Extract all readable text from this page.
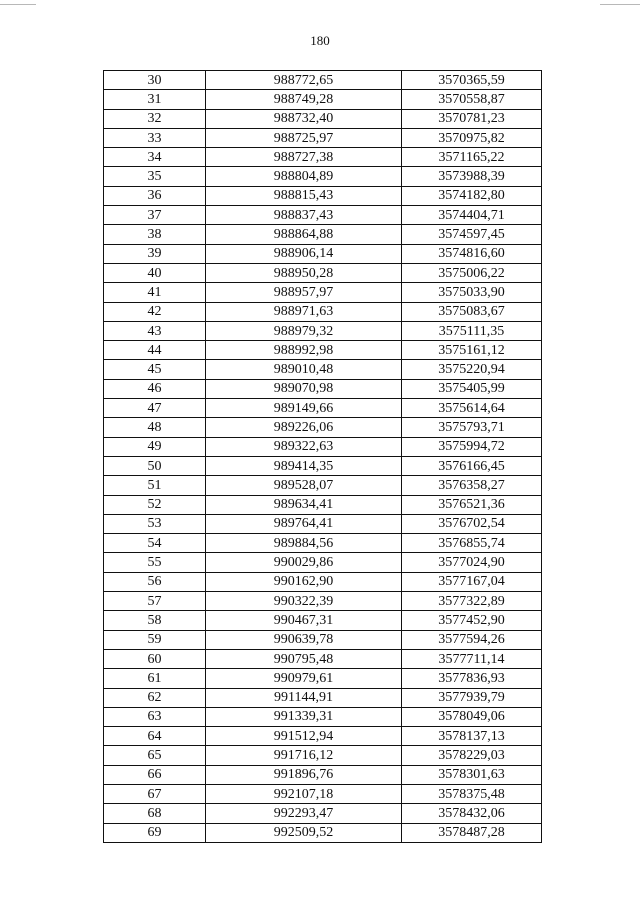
180
30	988772,65	3570365,59
31	988749,28	3570558,87
32	988732,40	3570781,23
33	988725,97	3570975,82
34	988727,38	3571165,22
35	988804,89	3573988,39
36	988815,43	3574182,80
37	988837,43	3574404,71
38	988864,88	3574597,45
39	988906,14	3574816,60
40	988950,28	3575006,22
41	988957,97	3575033,90
42	988971,63	3575083,67
43	988979,32	3575111,35
44	988992,98	3575161,12
45	989010,48	3575220,94
46	989070,98	3575405,99
47	989149,66	3575614,64
48	989226,06	3575793,71
49	989322,63	3575994,72
50	989414,35	3576166,45
51	989528,07	3576358,27
52	989634,41	3576521,36
53	989764,41	3576702,54
54	989884,56	3576855,74
55	990029,86	3577024,90
56	990162,90	3577167,04
57	990322,39	3577322,89
58	990467,31	3577452,90
59	990639,78	3577594,26
60	990795,48	3577711,14
61	990979,61	3577836,93
62	991144,91	3577939,79
63	991339,31	3578049,06
64	991512,94	3578137,13
65	991716,12	3578229,03
66	991896,76	3578301,63
67	992107,18	3578375,48
68	992293,47	3578432,06
69	992509,52	3578487,28
